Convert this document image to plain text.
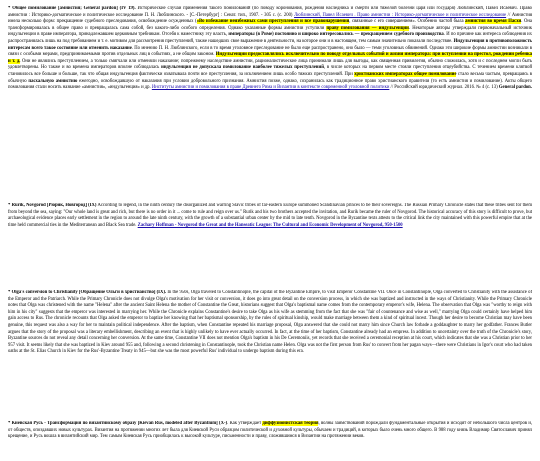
* Общее помилование [амнистия; General pardon] (IV 19). Исторические случаи применения такого помилований (по поводу коронования, рождения наследника и смерти или тяжелой болезни царя или государя) Люблинский, Павел Исаевич. Право амнистии : Историко-догматическое и политическое исследование П. Н. Люблинского. - [С.-Петербург] : Сенат. тип., 1907. - 305 с. (с. 200) Люблинский, Павел Исаевич . Право амнистии : Историко-догматическое и политическое исследование // Амнистия имела несколько форм: прекращение судебного преследования, освобождение осужденных («Во избежание неизбежных сами преступления и все правонарушения, связанные с его совершением». Особенно частой была амнистия во время Пасхи. Она трансформировалась в общее право и превращалась сама собой, без какого-либо особого определения. Однако указанные формы амнистии уступили праву помилования — индульгенции. Некоторые авторы утверждали первоначальный источник индульгенции в праве императора, принадлежавшем церковным требникам. Отсебя к наместнику эту власть, императоры (в Риме) постоянно и широко интересовались — прекращением судебного производства. И по причине как интереса соблюдения их распространялась лишь на под требованием и т. е. мотивом для рассмотрения преступлений, также нашедших свое выражение в деятельности, на которое они и в настоящем, тем самым значительно показали последствие. Индульгенция в противоположность интересам всего такое состояние или отменить наказание. По мнению П. Н. Люблинского, если в то время уголовное преследование не было еще распространено, оно было — теми уголовных обвинений. Однако эти широкие формы амнистии возникали в связи с особыми мерами, предпринимаемыми против отдельных лиц в событиях, а не общим законом. Индульгенции предоставлялись исключительно по поводу отдельных событий и жизни императора: при вступлении на престол, рождении ребенка и т. д. Они не являлись преступлением, а только смягчали или отменяли наказание; попрежнему наследствие амнистии, рационалистические лица принимали лишь для выгоды, как священная привилегия, обычно сложилась, хотя и с последнем могли быть удовлетворены. Но также и во времена императоров вполне соблюдалась индульгенция не допускала помилование наиболее тяжелых преступлений, в числе которых на первом месте стояли преступления отцеубийства. С течением времени клятвой становилось все больше и больше, так что общая индульгенция фактически охватывала почти все преступления, за исключением лишь особо тяжких преступлений. При христианских императорах общее помилование стало весьма частым, превращаясь в обычную пасхальную амнистию ежегодно, освобождавшую от наказания при условии добровольного признания. Амнистия позже, однако, сохранилась как традиционное право христианского правителя (то есть амнистия и помилование). Акты общего помилования стали носить название «амнистия», «индульгенция» и др. Институты амнистии и помилования в праве Древнего Рима и Византии в контексте современной уголовной политики // Российский юридический журнал. 2016. № 4 (с. 13) General pardon.
* Rurik, Novgorod [Рюрик, Новгород] (IX) According to legend, in the ninth century the disorganized and warring Slavic tribes of far-eastern Europe summoned Scandinavian princes to be their sovereigns. The Russian Primary Chronicle states that these tribes sent for them from beyond the sea, saying: "Our whole land is great and rich, but there is no order in it ... come to rule and reign over us." Rurik and his two brothers accepted the invitation, and Rurik became the ruler of Novgorod. The historical accuracy of this story is difficult to prove, but archaeological evidence places early settlement in the region to around the late ninth century, with the growth of a substantial urban center by the mid to late tenth. Novgorod in the Byzantine texts attests to the critical link the city maintained with this powerful empire that at the time held commercial ties in the Mediterranean and Black Sea trade. Zachary Hoffman - Novgorod the Great and the Hanseatic League: The Cultural and Economic Development of Novgorod, 950-1500
* Olga's conversion to Christianity [Обращение Ольги в христианство] (IX). In the 950s, Olga traveled to Constantinople, the capital of the Byzantine Empire, to visit Emperor Constantine VII. Once in Constantinople, Olga converted to Christianity with the assistance of the Emperor and the Patriarch. While the Primary Chronicle does not divulge Olga's motivation for her visit or conversion, it does go into great detail on the conversion process, in which she was baptized and instructed in the ways of Christianity. While the Primary Chronicle notes that Olga was christened with the name "Helena" after the ancient Saint Helena the mother of Constantine the Great, historians suggest that Olga's baptismal name comes from the contemporary emperor's wife, Helena. The observation that Olga was "worthy to reign with him in his city" suggests that the emperor was interested in marrying her. While the Chronicle explains Constantine's desire to take Olga as his wife as stemming from the fact that she was "fair of countenance and wise as well," marrying Olga could certainly have helped him gain access to Rus. The chronicle recounts that Olga asked the emperor to baptize her knowing that her baptismal sponsorship, by the rules of spiritual kinship, would make marriage between them a kind of spiritual incest. Though her desire to become Christian may have been genuine, this request was also a way for her to maintain political independence. After the baptism, when Constantine repeated his marriage proposal, Olga answered that she could not marry him since Church law forbade a goddaughter to marry her godfather. Frances Butler argues that the story of the proposal was a literary embellishment, describing an event that is highly unlikely to have ever actually occurred. In fact, at the time of her baptism, Constantine already had an empress. In addition to uncertainty over the truth of the Chronicle's story, Byzantine sources do not reveal any detail concerning her conversion. At the same time, Constantine VII does not mention Olga's baptism in his De Ceremoniis, yet records that she received a ceremonial reception at his court, which indicates that she was a Christian prior to her 957 visit. It seems likely that she was baptized in Kiev around 955 and, following a second christening in Constantinople, took the Christian name Helen. Olga was not the first person from Rus' to convert from her pagan ways—there were Christians in Igor's court who had taken oaths at the St. Elias Church in Kiev for the Rus'-Byzantine Treaty in 945—but she was the most powerful Rus' individual to undergo baptism during this era.
* Киевская Русь - Трансформация по византийскому образу [Kievan Rus, modeled after Byzantium] (X-). Как утверждает диффузионистская теория, волны заимствований порождали фундаментальные открытия и исходят от небольшого числа центров и, от обществ, опоздавших новых культурах. Византия на протяжении многих лет была для Киевской Руси образцом политической и духовной культуры, обычаем и традиций, в которых было очень много общего. В 988 году князь Владимир Святославич принял крещение, и Русь вошла в византийский мир. Тем самым Киевская Русь приобщилась к высокой культуре, письменности и праву, сложившимся в Византии на протяжении веков.
